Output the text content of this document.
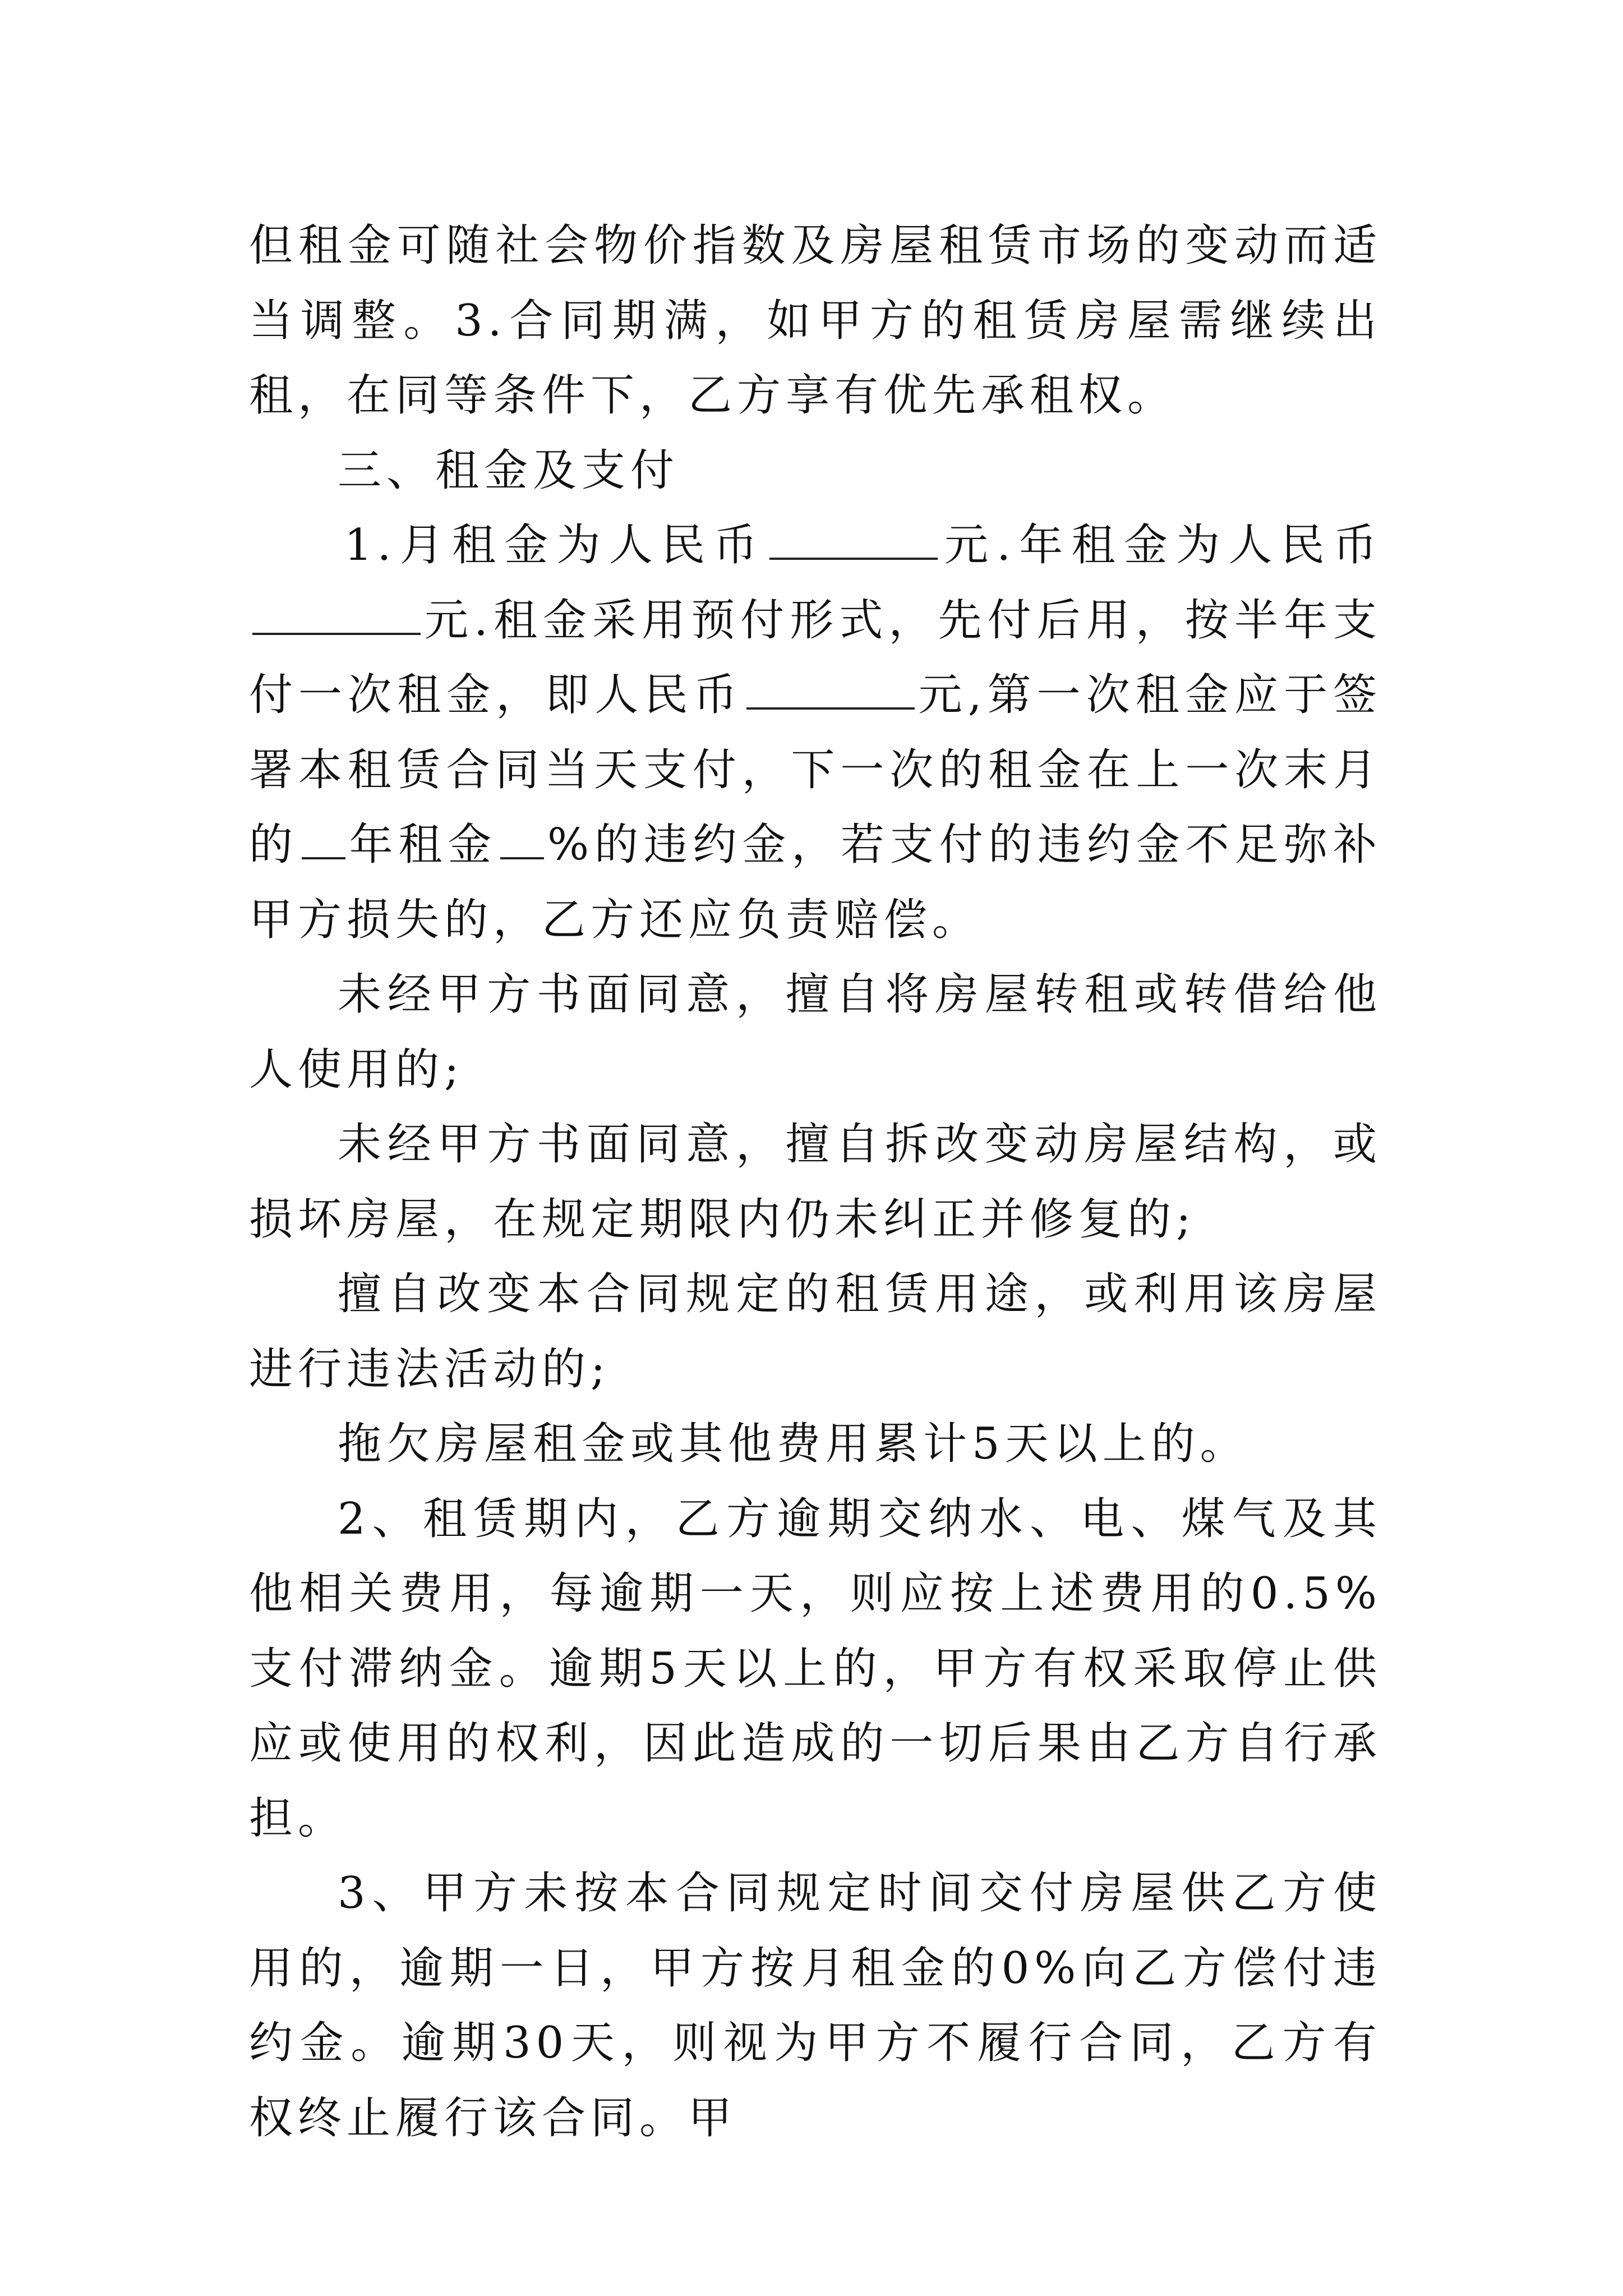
但租金可随社会物价指数及房屋租赁市场的变动而适当调整。3.合同期满，如甲方的租赁房屋需继续出租，在同等条件下，乙方享有优先承租权。

三、租金及支付

1.月租金为人民币	元.年租金为人民币元.租金采用预付形式，先付后用，按半年支付一次租金，即人民币	元,第一次租金应于签署本租赁合同当天支付，下一次的租金在上一次末月的 年租金 %的违约金，若支付的违约金不足弥补甲方损失的，乙方还应负责赔偿。

未经甲方书面同意，擅自将房屋转租或转借给他人使用的;

未经甲方书面同意，擅自拆改变动房屋结构，或损坏房屋，在规定期限内仍未纠正并修复的;

擅自改变本合同规定的租赁用途，或利用该房屋进行违法活动的;

拖欠房屋租金或其他费用累计5天以上的。

2、租赁期内，乙方逾期交纳水、电、煤气及其他相关费用，每逾期一天，则应按上述费用的0.5%支付滞纳金。逾期5天以上的，甲方有权采取停止供应或使用的权利，因此造成的一切后果由乙方自行承担。

3、甲方未按本合同规定时间交付房屋供乙方使用的，逾期一日，甲方按月租金的0%向乙方偿付违约金。逾期30天，则视为甲方不履行合同，乙方有权终止履行该合同。甲
